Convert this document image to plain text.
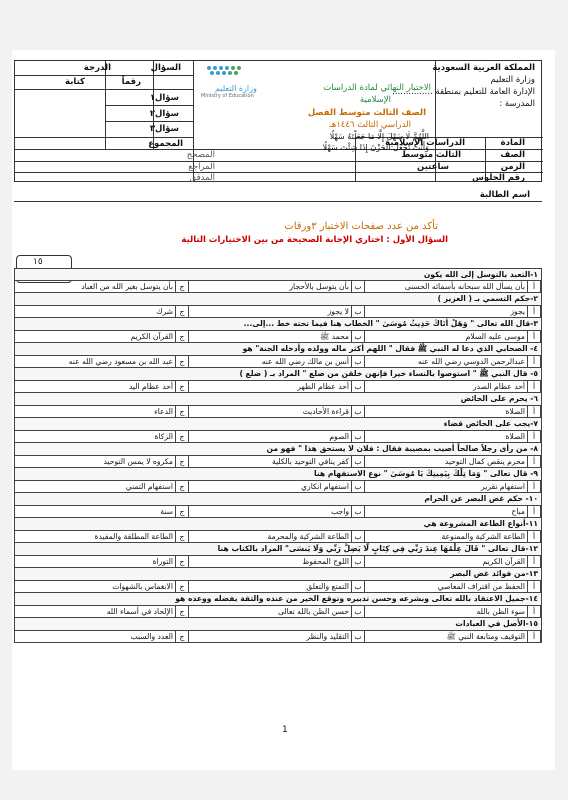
المملكة العربية السعودية
وزارة التعليم
الإدارة العامة للتعليم بمنطقة ...............
المدرسة :
وزارة التعليم
Ministry of Education
الاختبار النهائي لمادة الدراسات
الإسلامية
الصف الثالث متوسط الفصل
الدراسي الثالث ١٤٤٦هـ
اللَّهُمَّ لَا سَهْلَ إِلَّا مَا جَعَلْتَهُ سَهْلًا
وَأَنْتَ تَجْعَلُ الْحَزْنَ إِذَا شِئْتَ سَهْلًا	المادة
الدراسات الإسلامية
الصف
الثالث متوسط
الزمن
ساعتين
السؤال
الدرجة
رقماً
كتابة
سؤال١
سؤال٢
سؤال٣
المجموع
المصحح
المراجع
المدقق	رقم الجلوس
اسم الطالبة
تأكد من عدد صفحات الاختبار ٣ورقات
السؤال الأول : اختاري الإجابة الصحيحة من بين الاختيارات التالية
١٥
١-التعبد بالتوسل إلى الله يكون
أ
بأن يسأل الله سبحانه بأسمائه الحسنى
ب
بأن يتوسل بالأحجار
ج
بأن يتوسل بغير الله من العباد
٢-حكم التسمي بـ ( العزيز )
أ
يجوز
ب
لا يجوز
ج
شرك
٣-قال الله تعالى " وَهَلْ أَتَاكَ حَدِيثُ مُوسَىٰ " الخطاب هنا فيما تحته خط ...إلى...
أ
موسى عليه السلام
ب
محمد ﷺ
ج
القرآن الكريم
٤- الصحابي الذي دعا له النبي ﷺ فقال " اللهم أكثر ماله وولده وأدخله الجنة" هو
أ
عبدالرحمن الدوسي رضي الله عنه
ب
أنس بن مالك رضي الله عنه
ج
عبد الله بن مسعود رضي الله عنه
٥- قال النبي ﷺ " استوصوا بالنساء خيرا فإنهن خلقن من ضلع " المراد بـ ( ضلع )
أ
أحد عظام الصدر
ب
أحد عظام الظهر
ج
أحد عظام اليد
٦- يحرم على الحائض
أ
الصلاة
ب
قراءة الأحاديث
ج
الدعاء
٧-يجب على الحائض قضاء
أ
الصلاة
ب
الصوم
ج
الزكاة
٨- من رأى رجلاً صالحاً أصيب بمصيبة فقال : فلان لا يستحق هذا " فهو من
أ
محرم ينقص كمال التوحيد
ب
كفر ينافي التوحيد بالكلية
ج
مكروه لا يمس التوحيد
٩- قال تعالى " وَمَا تِلْكَ بِيَمِينِكَ يَا مُوسَىٰ " نوع الاستفهام هنا
أ
استفهام تقرير
ب
استفهام انكاري
ج
استفهام التمني
١٠- حكم غض البصر عن الحرام
أ
مباح
ب
واجب
ج
سنة
١١-أنواع الطاعة المشروعة هي
أ
الطاعة الشركية والممنوعة
ب
الطاعة الشركية والمحرمة
ج
الطاعة المطلقة والمقيدة
١٢-قال تعالى " قَالَ عِلْمُهَا عِندَ رَبِّي فِي كِتَابٍ لَّا يَضِلُّ رَبِّي وَلَا يَنسَى" المراد بالكتاب هنا
أ
القرآن الكريم
ب
اللوح المحفوظ
ج
التوراة
١٣-من فوائد غض البصر
أ
الحفظ من اقتراف المعاصي
ب
التمتع والتعلق
ج
الانغماس بالشهوات
١٤-جميل الاعتقاد بالله تعالى وبشرعه وحسن تدبيره وتوقع الخير من عنده والثقة بفضله ووعده هو
أ
سوء الظن بالله
ب
حسن الظن بالله تعالى
ج
الإلحاد في أسماء الله
١٥-الأصل في العبادات
أ
التوقيف ومتابعة النبي ﷺ
ب
التقليد والنظر
ج
العدد والسبب
1
